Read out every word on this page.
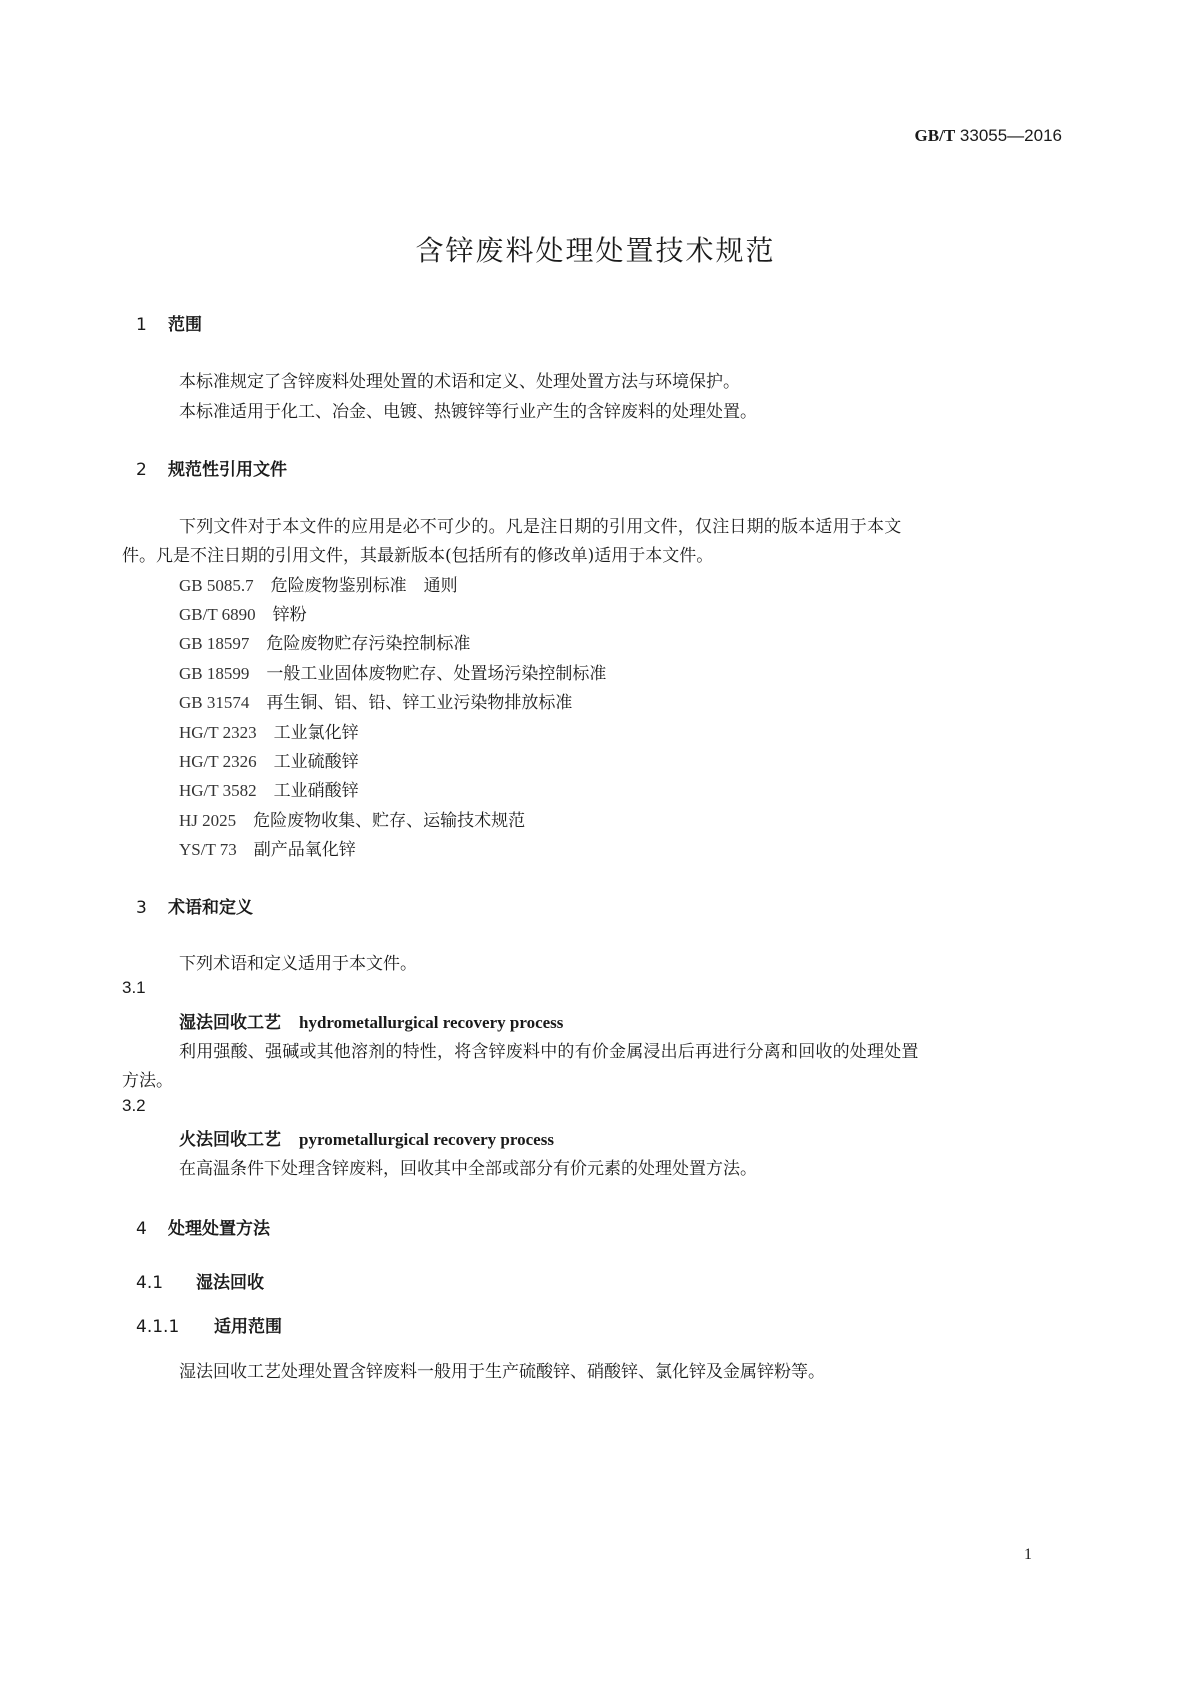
GB/T 33055—2016
含锌废料处理处置技术规范
1 范围
本标准规定了含锌废料处理处置的术语和定义、处理处置方法与环境保护。
本标准适用于化工、冶金、电镀、热镀锌等行业产生的含锌废料的处理处置。
2 规范性引用文件
下列文件对于本文件的应用是必不可少的。凡是注日期的引用文件，仅注日期的版本适用于本文
件。凡是不注日期的引用文件，其最新版本(包括所有的修改单)适用于本文件。
GB 5085.7　 危险废物鉴别标准　通则
GB/T 6890　 锌粉
GB 18597　 危险废物贮存污染控制标准
GB 18599　 一般工业固体废物贮存、处置场污染控制标准
GB 31574　 再生铜、铝、铅、锌工业污染物排放标准
HG/T 2323　 工业氯化锌
HG/T 2326　 工业硫酸锌
HG/T 3582　 工业硝酸锌
HJ 2025　 危险废物收集、贮存、运输技术规范
YS/T 73　 副产品氧化锌
3 术语和定义
下列术语和定义适用于本文件。
3.1
湿法回收工艺 hydrometallurgical recovery process
利用强酸、强碱或其他溶剂的特性，将含锌废料中的有价金属浸出后再进行分离和回收的处理处置
方法。
3.2
火法回收工艺 pyrometallurgical recovery process
在高温条件下处理含锌废料，回收其中全部或部分有价元素的处理处置方法。
4 处理处置方法
4.1 湿法回收
4.1.1 适用范围
湿法回收工艺处理处置含锌废料一般用于生产硫酸锌、硝酸锌、氯化锌及金属锌粉等。
1
